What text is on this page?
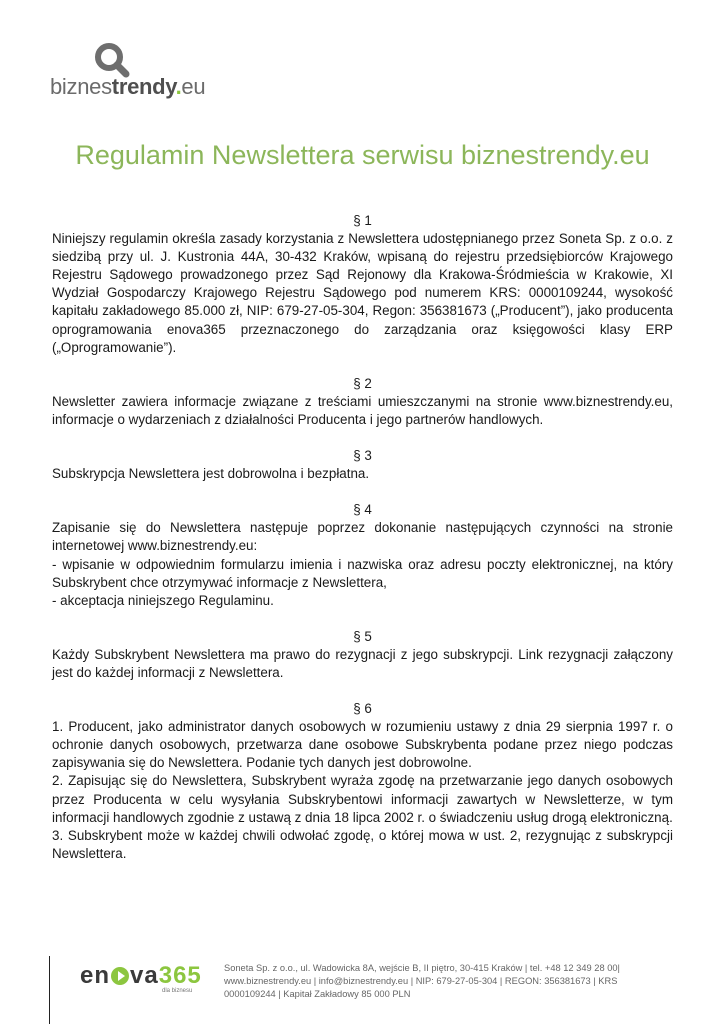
biznestrendy.eu
Regulamin Newslettera serwisu biznestrendy.eu
§ 1
Niniejszy regulamin określa zasady korzystania z Newslettera udostępnianego przez Soneta Sp. z o.o. z siedzibą przy ul. J. Kustronia 44A, 30-432 Kraków, wpisaną do rejestru przedsiębiorców Krajowego Rejestru Sądowego prowadzonego przez Sąd Rejonowy dla Krakowa-Śródmieścia w Krakowie, XI Wydział Gospodarczy Krajowego Rejestru Sądowego pod numerem KRS: 0000109244, wysokość kapitału zakładowego 85.000 zł, NIP: 679-27-05-304, Regon: 356381673 („Producent”), jako producenta oprogramowania enova365 przeznaczonego do zarządzania oraz księgowości klasy ERP („Oprogramowanie”).
§ 2
Newsletter zawiera informacje związane z treściami umieszczanymi na stronie www.biznestrendy.eu, informacje o wydarzeniach z działalności Producenta i jego partnerów handlowych.
§ 3
Subskrypcja Newslettera jest dobrowolna i bezpłatna.
§ 4
Zapisanie się do Newslettera następuje poprzez dokonanie następujących czynności na stronie internetowej www.biznestrendy.eu:
- wpisanie w odpowiednim formularzu imienia i nazwiska oraz adresu poczty elektronicznej, na który Subskrybent chce otrzymywać informacje z Newslettera,
- akceptacja niniejszego Regulaminu.
§ 5
Każdy Subskrybent Newslettera ma prawo do rezygnacji z jego subskrypcji. Link rezygnacji załączony jest do każdej informacji z Newslettera.
§ 6
1. Producent, jako administrator danych osobowych w rozumieniu ustawy z dnia 29 sierpnia 1997 r. o ochronie danych osobowych, przetwarza dane osobowe Subskrybenta podane przez niego podczas zapisywania się do Newslettera. Podanie tych danych jest dobrowolne.
2. Zapisując się do Newslettera, Subskrybent wyraża zgodę na przetwarzanie jego danych osobowych przez Producenta w celu wysyłania Subskrybentowi informacji zawartych w Newsletterze, w tym informacji handlowych zgodnie z ustawą z dnia 18 lipca 2002 r. o świadczeniu usług drogą elektroniczną.
3. Subskrybent może w każdej chwili odwołać zgodę, o której mowa w ust. 2, rezygnując z subskrypcji Newslettera.
en va365
dla biznesu
Soneta Sp. z o.o., ul. Wadowicka 8A, wejście B, II piętro, 30-415 Kraków | tel. +48 12 349 28 00|
www.biznestrendy.eu | info@biznestrendy.eu | NIP: 679-27-05-304 | REGON: 356381673 | KRS
0000109244 | Kapitał Zakładowy 85 000 PLN
